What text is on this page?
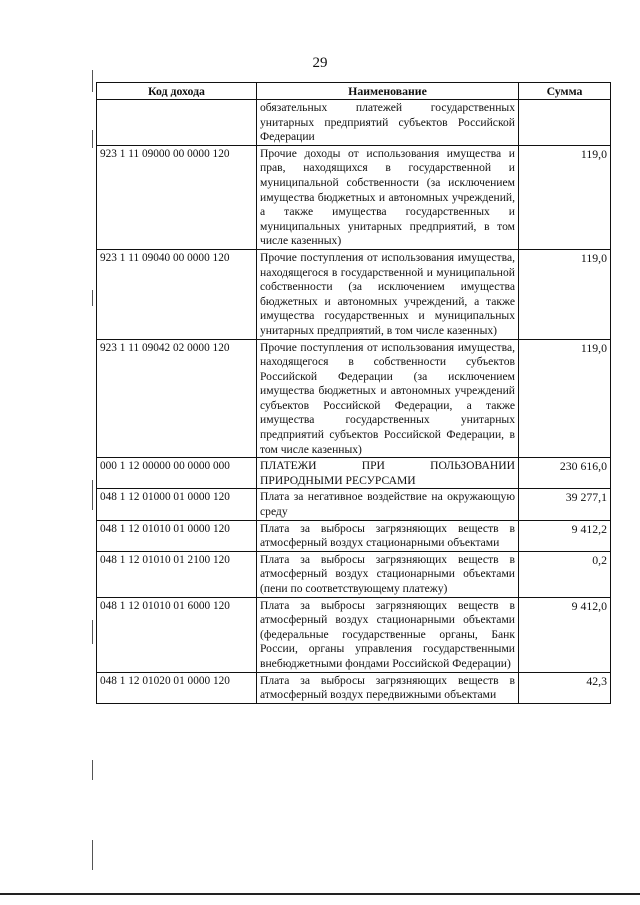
29
Код дохода	Наименование	Сумма
	обязательных платежей государственных унитарных предприятий субъектов Российской Федерации	
923 1 11 09000 00 0000 120	Прочие доходы от использования имущества и прав, находящихся в государственной и муниципальной собственности (за исключением имущества бюджетных и автономных учреждений, а также имущества государственных и муниципальных унитарных предприятий, в том числе казенных)	119,0
923 1 11 09040 00 0000 120	Прочие поступления от использования имущества, находящегося в государственной и муниципальной собственности (за исключением имущества бюджетных и автономных учреждений, а также имущества государственных и муниципальных унитарных предприятий, в том числе казенных)	119,0
923 1 11 09042 02 0000 120	Прочие поступления от использования имущества, находящегося в собственности субъектов Российской Федерации (за исключением имущества бюджетных и автономных учреждений субъектов Российской Федерации, а также имущества государственных унитарных предприятий субъектов Российской Федерации, в том числе казенных)	119,0
000 1 12 00000 00 0000 000	ПЛАТЕЖИ ПРИ ПОЛЬЗОВАНИИ ПРИРОДНЫМИ РЕСУРСАМИ	230 616,0
048 1 12 01000 01 0000 120	Плата за негативное воздействие на окружающую среду	39 277,1
048 1 12 01010 01 0000 120	Плата за выбросы загрязняющих веществ в атмосферный воздух стационарными объектами	9 412,2
048 1 12 01010 01 2100 120	Плата за выбросы загрязняющих веществ в атмосферный воздух стационарными объектами (пени по соответствующему платежу)	0,2
048 1 12 01010 01 6000 120	Плата за выбросы загрязняющих веществ в атмосферный воздух стационарными объектами (федеральные государственные органы, Банк России, органы управления государственными внебюджетными фондами Российской Федерации)	9 412,0
048 1 12 01020 01 0000 120	Плата за выбросы загрязняющих веществ в атмосферный воздух передвижными объектами	42,3
